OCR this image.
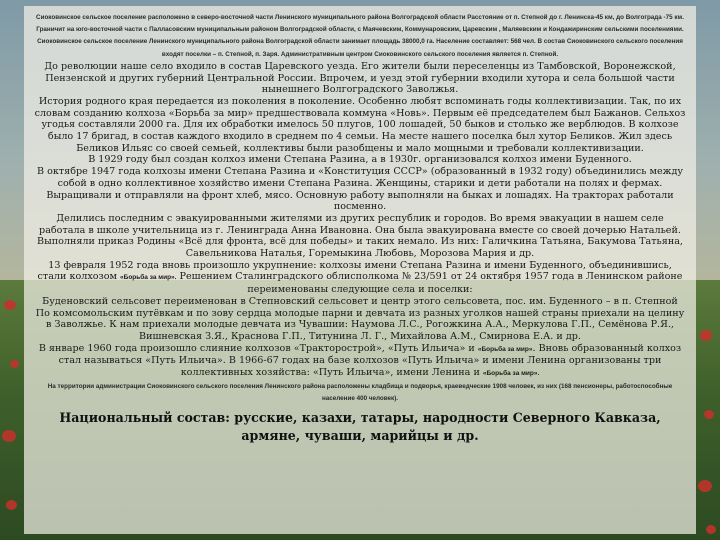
Сиоковинское сельское поселение расположено в северо-восточной части Ленинского муниципального района Волгоградской области Расстояние от п. Степной до г. Ленинска-45 км, до Волгограда -75 км. Граничит на юго-восточной части с Палласовским муниципальным районом Волгоградской области, с Маячевским, Коммунаровским, Царевским , Маляевским и Кондажиринским сельскими поселениями. Сиоковинское сельское поселение Ленинского муниципального района Волгоградской области занимает площадь 38000,0 га. Население составляет: 568 чел. В состав Сиоковинского сельского поселения входят поселки – п. Степной, п. Заря. Административным центром Сиоковинского сельского поселения является п. Степной.

До революции наше село входило в состав Царевского уезда. Его жители были переселенцы из Тамбовской, Воронежской, Пензенской и других губерний Центральной России. Впрочем, и уезд этой губернии входили хутора и села большой части нынешнего Волгоградского Заволжья.

История родного края передается из поколения в поколение. Особенно любят вспоминать годы коллективизации. Так, по их словам созданию колхоза «Борьба за мир» предшествовала коммуна «Новь». Первым её председателем был Бажанов. Сельхоз угодья составляли 2000 га. Для их обработки имелось 50 плугов, 100 лошадей, 50 быков и столько же верблюдов. В колхозе было 17 бригад, в состав каждого входило в среднем по 4 семьи. На месте нашего поселка был хутор Беликов. Жил здесь Беликов Ильяс со своей семьей, коллективы были разобщены и мало мощными и требовали коллективизации.

В 1929 году был создан колхоз имени Степана Разина, а в 1930г. организовался колхоз имени Буденного.

В октябре 1947 года колхозы имени Степана Разина и «Конституция СССР» (образованный в 1932 году) объединились между собой в одно коллективное хозяйство имени Степана Разина. Женщины, старики и дети работали на полях и фермах. Выращивали и отправляли на фронт хлеб, мясо. Основную работу выполняли на быках и лошадях. На тракторах работали посменно.

Делились последним с эвакуированными жителями из других республик и городов. Во время эвакуации в нашем селе работала в школе учительница из г. Ленинграда Анна Ивановна. Она была эвакуирована вместе со своей дочерью Натальей.

Выполняли приказ Родины «Всё для фронта, всё для победы» и таких немало. Из них: Галичкина Татьяна, Бакумова Татьяна, Савельникова Наталья, Горемыкина Любовь, Морозова Мария и др.

13 февраля 1952 года вновь произошло укрупнение: колхозы имени Степана Разина и имени Буденного, объединившись, стали колхозом «Борьба за мир». Решением Сталинградского облисполкома № 23/591 от 24 октября 1957 года в Ленинском районе переименованы следующие села и поселки:

Буденовский сельсовет переименован в Степновский сельсовет и центр этого сельсовета, пос. им. Буденного – в п. Степной

По комсомольским путёвкам и по зову сердца молодые парни и девчата из разных уголков нашей страны приехали на целину в Заволжье. К нам приехали молодые девчата из Чувашии: Наумова Л.С., Рогожкина А.А., Меркулова Г.П., Семёнова Р.Я., Вишневская З.Я., Краснова Г.П., Титунина Л. Г., Михайлова А.М., Смирнова Е.А. и др.

В январе 1960 года произошло слияние колхозов «Тракторострой», «Путь Ильича» и «Борьба за мир». Вновь образованный колхоз стал называться «Путь Ильича». В 1966-67 годах на базе колхозов «Путь Ильича» и имени Ленина организованы три коллективных хозяйства: «Путь Ильича», имени Ленина и «Борьба за мир».

На территории администрации Сиоковинского сельского поселения Ленинского района расположены кладбища и подворья, краеведческие 1908 человек, из них (168 пенсионеры, работоспособные население 400 человек).

Национальный состав: русские, казахи, татары, народности Северного Кавказа,
армяне, чуваши, марийцы и др.
